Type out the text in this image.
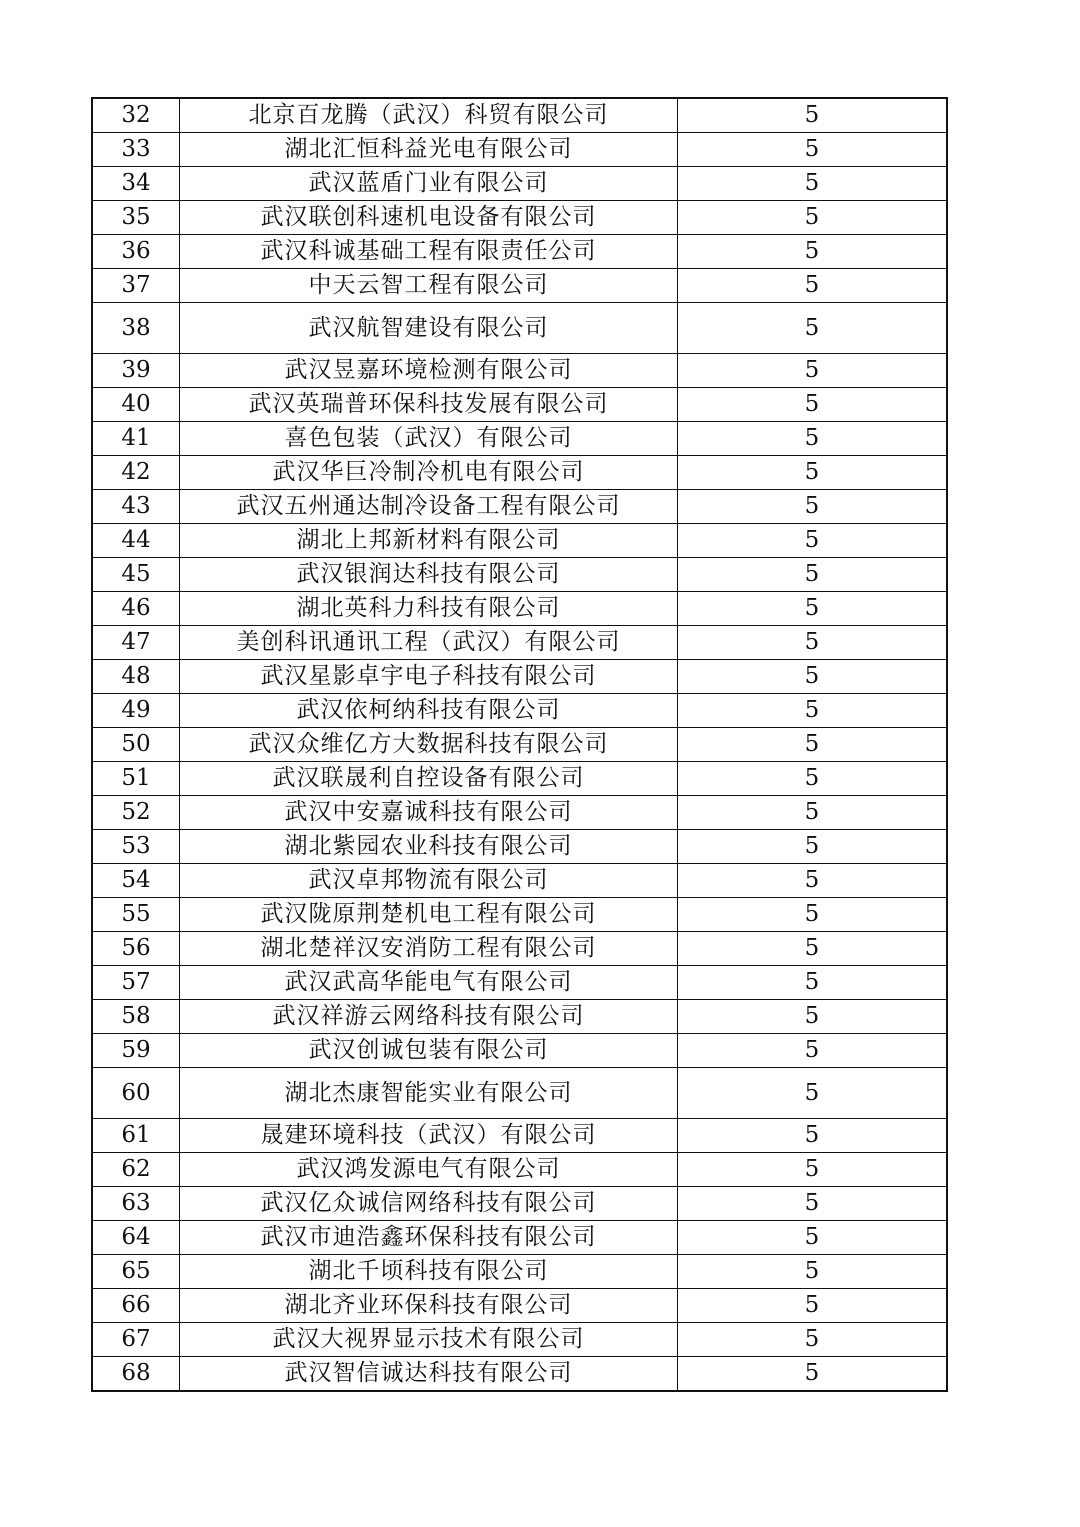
32	北京百龙腾（武汉）科贸有限公司	5
33	湖北汇恒科益光电有限公司	5
34	武汉蓝盾门业有限公司	5
35	武汉联创科速机电设备有限公司	5
36	武汉科诚基础工程有限责任公司	5
37	中天云智工程有限公司	5
38	武汉航智建设有限公司	5
39	武汉昱嘉环境检测有限公司	5
40	武汉英瑞普环保科技发展有限公司	5
41	喜色包装（武汉）有限公司	5
42	武汉华巨冷制冷机电有限公司	5
43	武汉五州通达制冷设备工程有限公司	5
44	湖北上邦新材料有限公司	5
45	武汉银润达科技有限公司	5
46	湖北英科力科技有限公司	5
47	美创科讯通讯工程（武汉）有限公司	5
48	武汉星影卓宇电子科技有限公司	5
49	武汉依柯纳科技有限公司	5
50	武汉众维亿方大数据科技有限公司	5
51	武汉联晟利自控设备有限公司	5
52	武汉中安嘉诚科技有限公司	5
53	湖北紫园农业科技有限公司	5
54	武汉卓邦物流有限公司	5
55	武汉陇原荆楚机电工程有限公司	5
56	湖北楚祥汉安消防工程有限公司	5
57	武汉武高华能电气有限公司	5
58	武汉祥游云网络科技有限公司	5
59	武汉创诚包装有限公司	5
60	湖北杰康智能实业有限公司	5
61	晟建环境科技（武汉）有限公司	5
62	武汉鸿发源电气有限公司	5
63	武汉亿众诚信网络科技有限公司	5
64	武汉市迪浩鑫环保科技有限公司	5
65	湖北千顷科技有限公司	5
66	湖北齐业环保科技有限公司	5
67	武汉大视界显示技术有限公司	5
68	武汉智信诚达科技有限公司	5
